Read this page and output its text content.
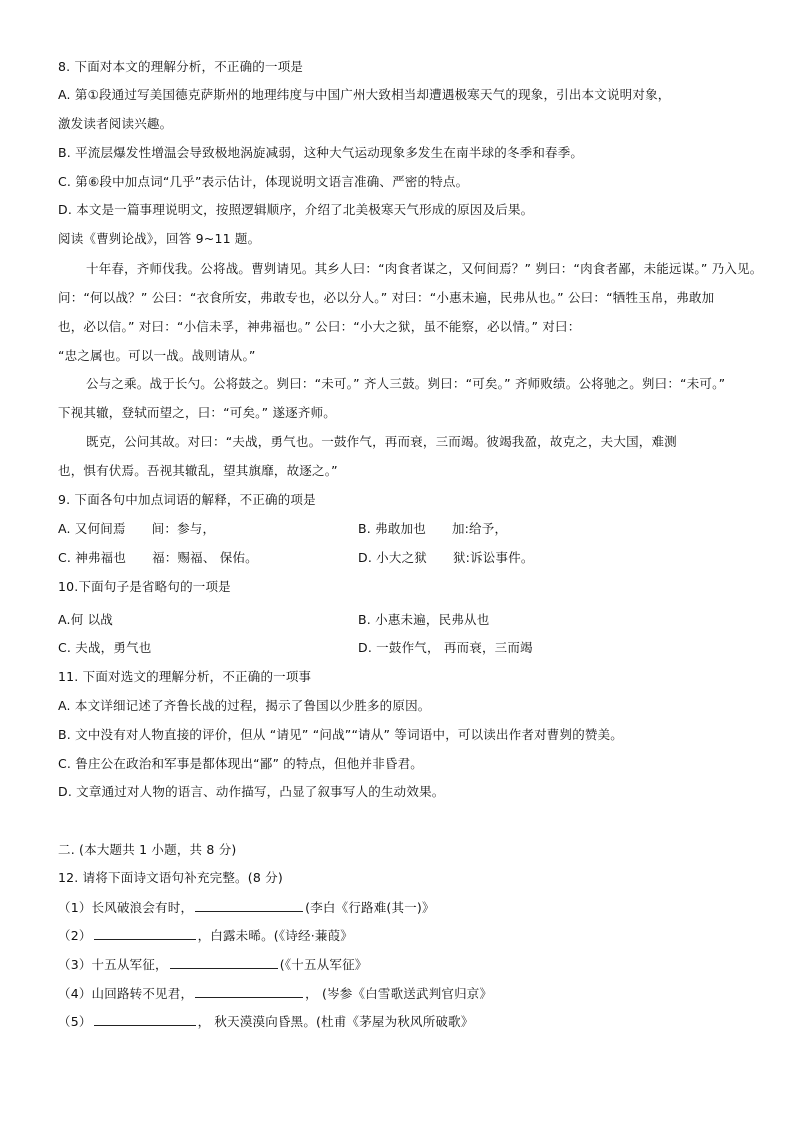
8. 下面对本文的理解分析，不正确的一项是
A. 第①段通过写美国德克萨斯州的地理纬度与中国广州大致相当却遭遇极寒天气的现象，引出本文说明对象，
激发读者阅读兴趣。
B. 平流层爆发性增温会导致极地涡旋减弱，这种大气运动现象多发生在南半球的冬季和春季。
C. 第⑥段中加点词“几乎”表示估计，体现说明文语言准确、严密的特点。
D. 本文是一篇事理说明文，按照逻辑顺序，介绍了北美极寒天气形成的原因及后果。
阅读《曹刿论战》，回答 9~11 题。
十年春，齐师伐我。公将战。曹刿请见。其乡人曰：“肉食者谋之，又何间焉？” 刿曰：“肉食者鄙，未能远谋。” 乃入见。
问：“何以战？” 公曰：“衣食所安，弗敢专也，必以分人。” 对曰：“小惠未遍，民弗从也。” 公曰：“牺牲玉帛，弗敢加
也，必以信。” 对曰：“小信未孚，神弗福也。” 公曰：“小大之狱，虽不能察，必以情。” 对曰：
“忠之属也。可以一战。战则请从。”
公与之乘。战于长勺。公将鼓之。刿曰：“未可。” 齐人三鼓。刿曰：“可矣。” 齐师败绩。公将驰之。刿曰：“未可。”
下视其辙，登轼而望之，曰：“可矣。” 遂逐齐师。
既克，公问其故。对曰：“夫战，勇气也。一鼓作气，再而衰，三而竭。彼竭我盈，故克之，夫大国，难测
也，惧有伏焉。吾视其辙乱，望其旗靡，故逐之。”
9. 下面各句中加点词语的解释，不正确的项是
A. 又何间焉 间：参与，	B. 弗敢加也 加:给予，
C. 神弗福也 福：赐福、 保佑。	D. 小大之狱 狱:诉讼事件。
10.下面句子是省略句的一项是
A.何 以战	B. 小惠未遍，民弗从也
C. 夫战，勇气也	D. 一鼓作气， 再而衰，三而竭
11. 下面对选文的理解分析，不正确的一项事
A. 本文详细记述了齐鲁长战的过程，揭示了鲁国以少胜多的原因。
B. 文中没有对人物直接的评价，但从 “请见” “问战”“请从” 等词语中，可以读出作者对曹刿的赞美。
C. 鲁庄公在政治和军事是都体现出“鄙” 的特点，但他并非昏君。
D. 文章通过对人物的语言、动作描写，凸显了叙事写人的生动效果。
二. (本大题共 1 小题，共 8 分)
12. 请将下面诗文语句补充完整。(8 分)
（1）长风破浪会有时，	(李白《行路难(其一)》
（2）	，白露未晞。(《诗经·蒹葭》
（3）十五从军征，	(《十五从军征》
（4）山回路转不见君，	， (岑参《白雪歌送武判官归京》
（5）	， 秋天漠漠向昏黑。(杜甫《茅屋为秋风所破歌》
